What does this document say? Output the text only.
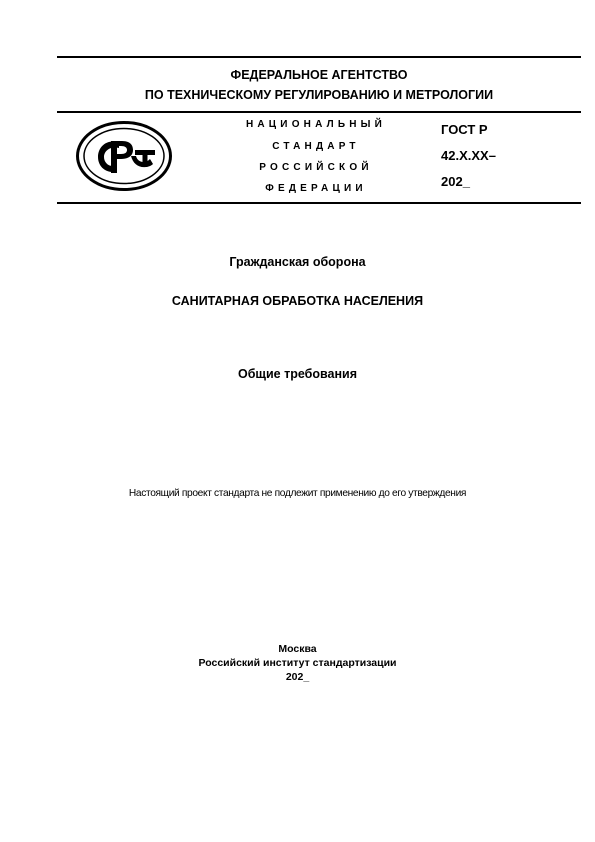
ФЕДЕРАЛЬНОЕ АГЕНТСТВО
ПО ТЕХНИЧЕСКОМУ РЕГУЛИРОВАНИЮ И МЕТРОЛОГИИ
НАЦИОНАЛЬНЫЙ
СТАНДАРТ
РОССИЙСКОЙ
ФЕДЕРАЦИИ
ГОСТ Р
42.X.XX–
202_
Гражданская оборона
САНИТАРНАЯ ОБРАБОТКА НАСЕЛЕНИЯ
Общие требования
Настоящий проект стандарта не подлежит применению до его утверждения
Москва
Российский институт стандартизации
202_
